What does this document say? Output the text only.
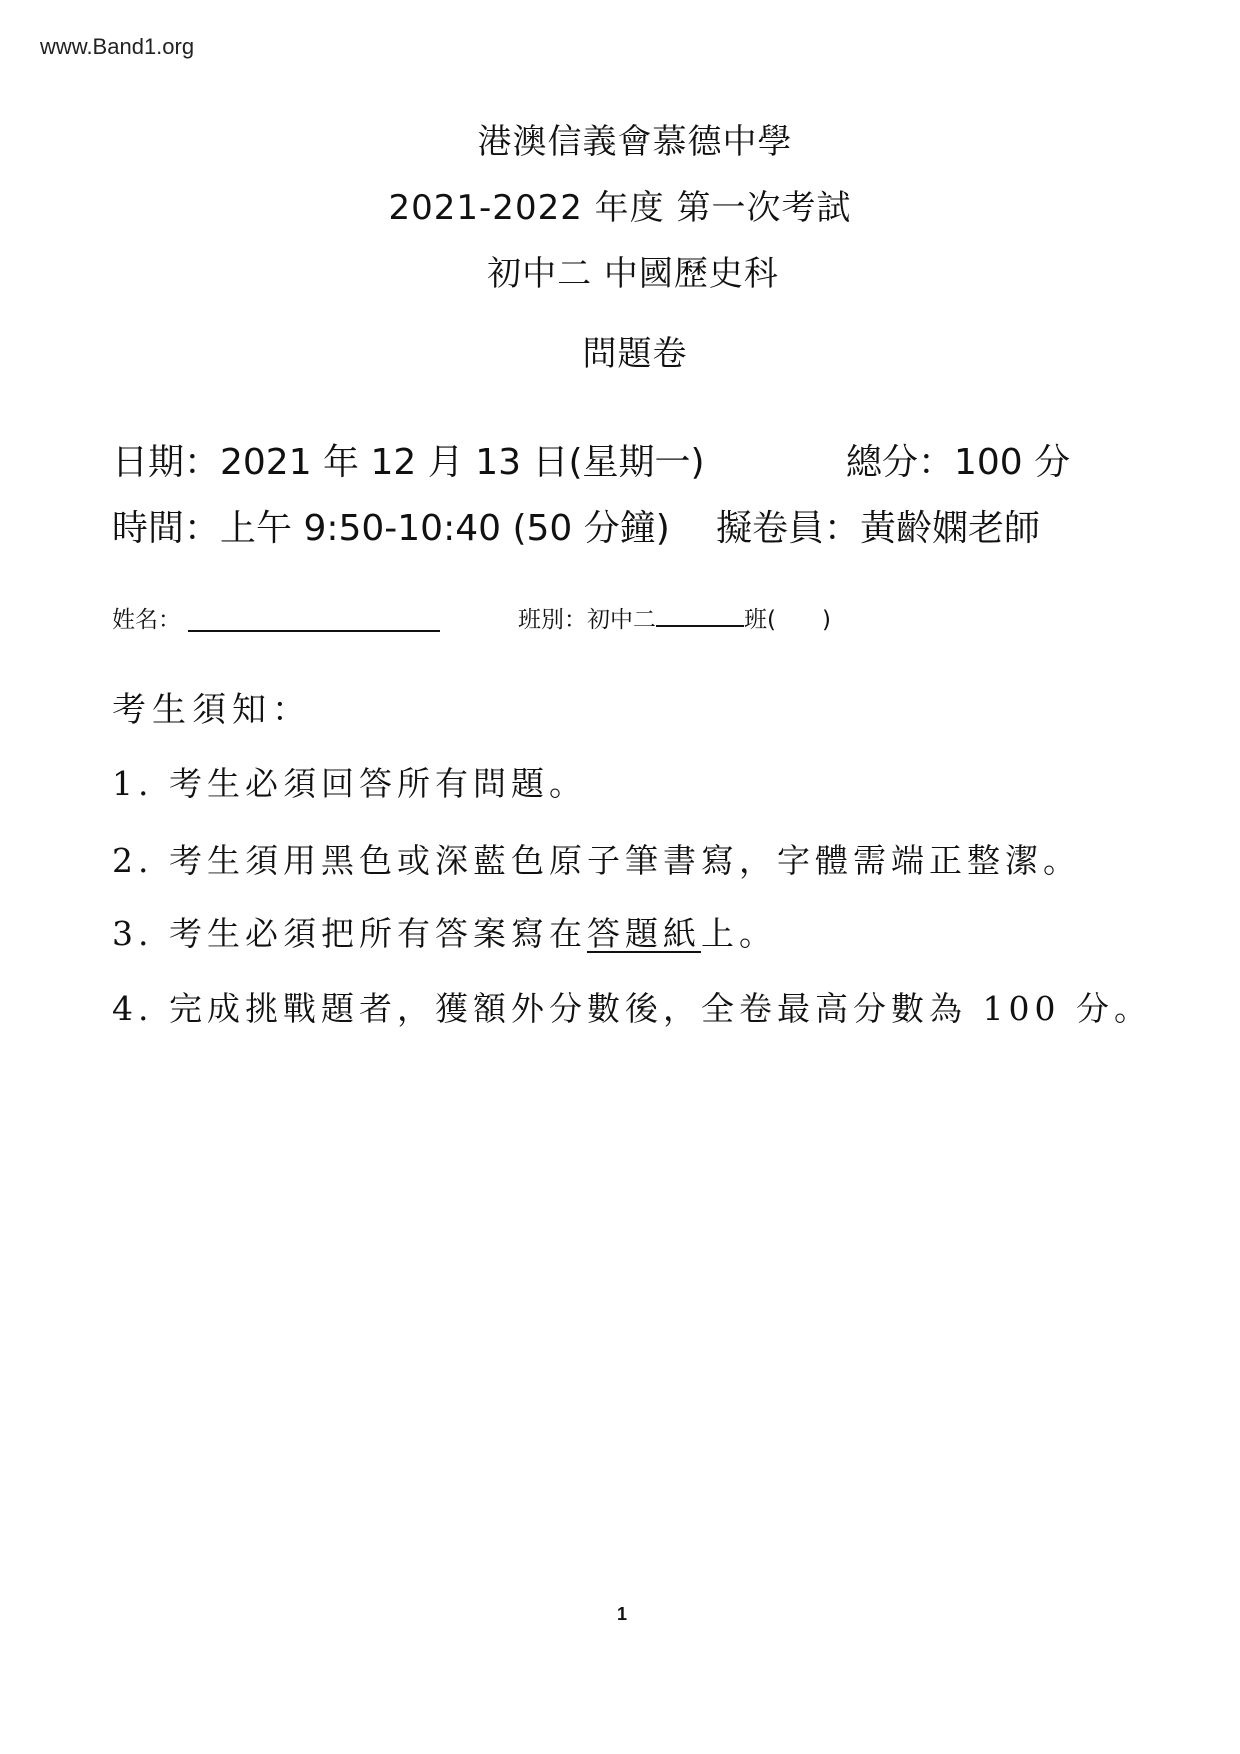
www.Band1.org
港澳信義會慕德中學
2021-2022 年度 第一次考試
初中二 中國歷史科
問題卷
日期：2021 年 12 月 13 日(星期一)	總分：100 分
時間：上午 9:50-10:40 (50 分鐘) 擬卷員：黃齡嫻老師
姓名：	班別：初中二	班( )
考生須知：
1. 考生必須回答所有問題。
2. 考生須用黑色或深藍色原子筆書寫，字體需端正整潔。
3. 考生必須把所有答案寫在答題紙上。
4. 完成挑戰題者，獲額外分數後，全卷最高分數為 100 分。
1
